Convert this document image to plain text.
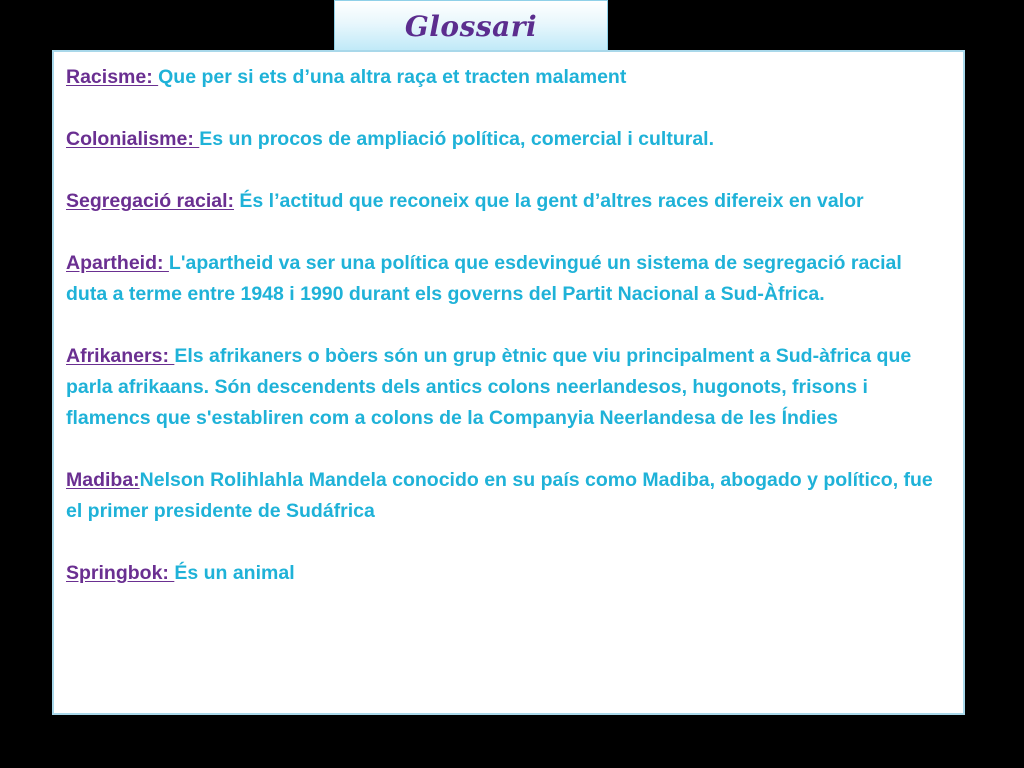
Glossari

Racisme: Que per si ets d’una altra raça et tracten malament

Colonialisme: Es un procos de ampliació política, comercial i cultural.

Segregació racial: És l’actitud que reconeix que la gent d’altres races difereix en valor

Apartheid: L'apartheid va ser una política que esdevingué un sistema de segregació racial duta a terme entre 1948 i 1990 durant els governs del Partit Nacional a Sud-Àfrica.

Afrikaners: Els afrikaners o bòers són un grup ètnic que viu principalment a Sud-àfrica que parla afrikaans. Són descendents dels antics colons neerlandesos, hugonots, frisons i flamencs que s'establiren com a colons de la Companyia Neerlandesa de les Índies

Madiba:Nelson Rolihlahla Mandela conocido en su país como Madiba, abogado y político, fue el primer presidente de Sudáfrica

Springbok: És un animal
